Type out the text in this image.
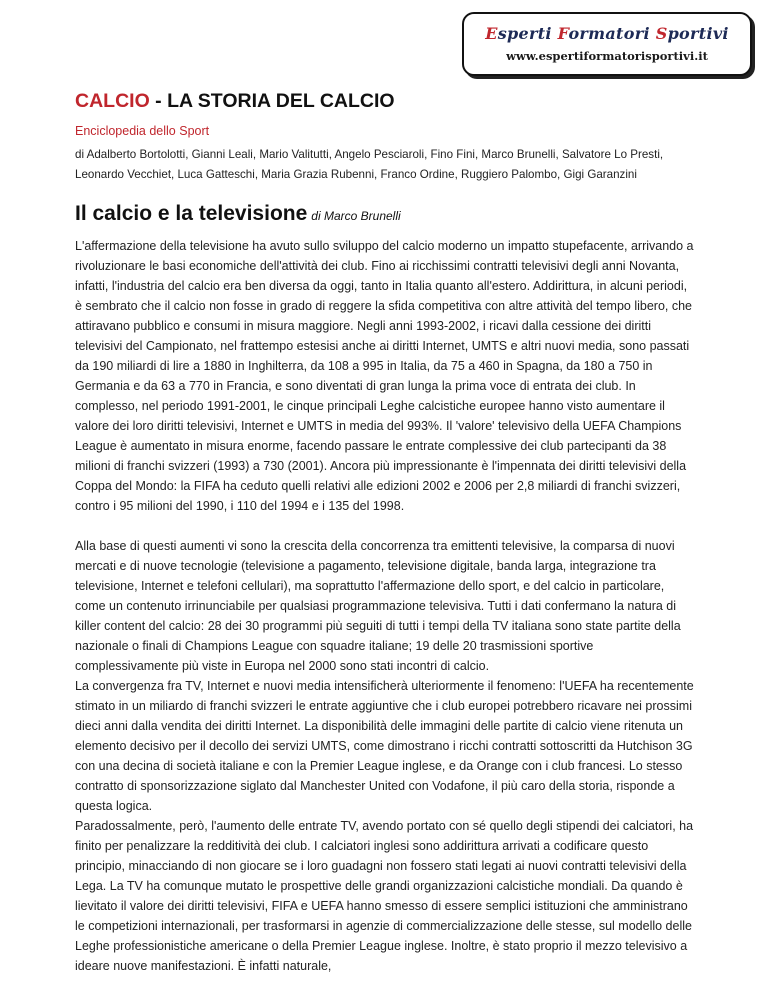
Esperti Formatori Sportivi
www.espertiformatorisportivi.it
CALCIO - LA STORIA DEL CALCIO
Enciclopedia dello Sport
di Adalberto Bortolotti, Gianni Leali, Mario Valitutti, Angelo Pesciaroli, Fino Fini, Marco Brunelli, Salvatore Lo Presti, Leonardo Vecchiet, Luca Gatteschi, Maria Grazia Rubenni, Franco Ordine, Ruggiero Palombo, Gigi Garanzini
Il calcio e la televisione di Marco Brunelli

L'affermazione della televisione ha avuto sullo sviluppo del calcio moderno un impatto stupefacente, arrivando a rivoluzionare le basi economiche dell'attività dei club. Fino ai ricchissimi contratti televisivi degli anni Novanta, infatti, l'industria del calcio era ben diversa da oggi, tanto in Italia quanto all'estero. Addirittura, in alcuni periodi, è sembrato che il calcio non fosse in grado di reggere la sfida competitiva con altre attività del tempo libero, che attiravano pubblico e consumi in misura maggiore. Negli anni 1993-2002, i ricavi dalla cessione dei diritti televisivi del Campionato, nel frattempo estesisi anche ai diritti Internet, UMTS e altri nuovi media, sono passati da 190 miliardi di lire a 1880 in Inghilterra, da 108 a 995 in Italia, da 75 a 460 in Spagna, da 180 a 750 in Germania e da 63 a 770 in Francia, e sono diventati di gran lunga la prima voce di entrata dei club. In complesso, nel periodo 1991-2001, le cinque principali Leghe calcistiche europee hanno visto aumentare il valore dei loro diritti televisivi, Internet e UMTS in media del 993%. Il 'valore' televisivo della UEFA Champions League è aumentato in misura enorme, facendo passare le entrate complessive dei club partecipanti da 38 milioni di franchi svizzeri (1993) a 730 (2001). Ancora più impressionante è l'impennata dei diritti televisivi della Coppa del Mondo: la FIFA ha ceduto quelli relativi alle edizioni 2002 e 2006 per 2,8 miliardi di franchi svizzeri, contro i 95 milioni del 1990, i 110 del 1994 e i 135 del 1998.

Alla base di questi aumenti vi sono la crescita della concorrenza tra emittenti televisive, la comparsa di nuovi mercati e di nuove tecnologie (televisione a pagamento, televisione digitale, banda larga, integrazione tra televisione, Internet e telefoni cellulari), ma soprattutto l'affermazione dello sport, e del calcio in particolare, come un contenuto irrinunciabile per qualsiasi programmazione televisiva. Tutti i dati confermano la natura di killer content del calcio: 28 dei 30 programmi più seguiti di tutti i tempi della TV italiana sono state partite della nazionale o finali di Champions League con squadre italiane; 19 delle 20 trasmissioni sportive complessivamente più viste in Europa nel 2000 sono stati incontri di calcio.

La convergenza fra TV, Internet e nuovi media intensificherà ulteriormente il fenomeno: l'UEFA ha recentemente stimato in un miliardo di franchi svizzeri le entrate aggiuntive che i club europei potrebbero ricavare nei prossimi dieci anni dalla vendita dei diritti Internet. La disponibilità delle immagini delle partite di calcio viene ritenuta un elemento decisivo per il decollo dei servizi UMTS, come dimostrano i ricchi contratti sottoscritti da Hutchison 3G con una decina di società italiane e con la Premier League inglese, e da Orange con i club francesi. Lo stesso contratto di sponsorizzazione siglato dal Manchester United con Vodafone, il più caro della storia, risponde a questa logica.

Paradossalmente, però, l'aumento delle entrate TV, avendo portato con sé quello degli stipendi dei calciatori, ha finito per penalizzare la redditività dei club. I calciatori inglesi sono addirittura arrivati a codificare questo principio, minacciando di non giocare se i loro guadagni non fossero stati legati ai nuovi contratti televisivi della Lega. La TV ha comunque mutato le prospettive delle grandi organizzazioni calcistiche mondiali. Da quando è lievitato il valore dei diritti televisivi, FIFA e UEFA hanno smesso di essere semplici istituzioni che amministrano le competizioni internazionali, per trasformarsi in agenzie di commercializzazione delle stesse, sul modello delle Leghe professionistiche americane o della Premier League inglese. Inoltre, è stato proprio il mezzo televisivo a ideare nuove manifestazioni. È infatti naturale,
